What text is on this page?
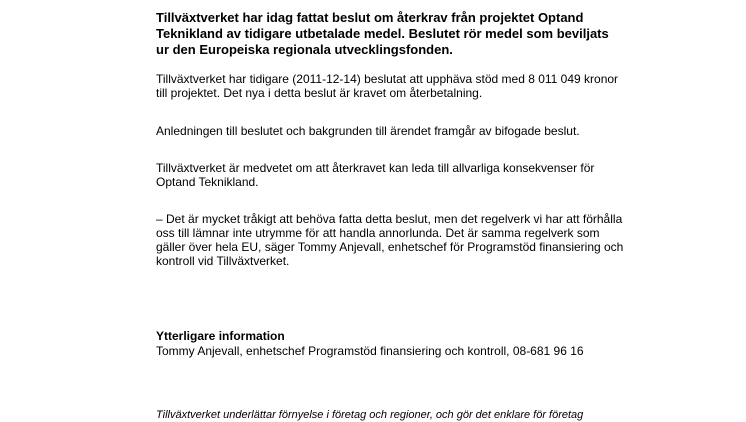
Tillväxtverket har idag fattat beslut om återkrav från projektet Optand
Teknikland av tidigare utbetalade medel. Beslutet rör medel som beviljats
ur den Europeiska regionala utvecklingsfonden.

Tillväxtverket har tidigare (2011-12-14) beslutat att upphäva stöd med 8 011 049 kronor
till projektet. Det nya i detta beslut är kravet om återbetalning.

Anledningen till beslutet och bakgrunden till ärendet framgår av bifogade beslut.

Tillväxtverket är medvetet om att återkravet kan leda till allvarliga konsekvenser för
Optand Teknikland.

– Det är mycket tråkigt att behöva fatta detta beslut, men det regelverk vi har att förhålla
oss till lämnar inte utrymme för att handla annorlunda. Det är samma regelverk som
gäller över hela EU, säger Tommy Anjevall, enhetschef för Programstöd finansiering och
kontroll vid Tillväxtverket.

Ytterligare information

Tommy Anjevall, enhetschef Programstöd finansiering och kontroll, 08-681 96 16

Tillväxtverket underlättar förnyelse i företag och regioner, och gör det enklare för företag
